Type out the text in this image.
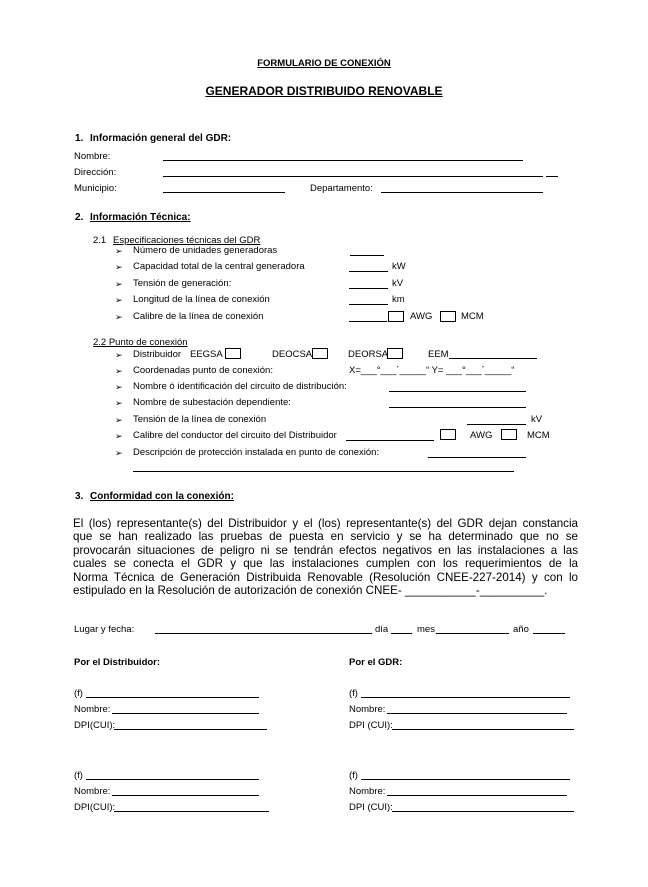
FORMULARIO DE CONEXIÓN
GENERADOR DISTRIBUIDO RENOVABLE
1. Información general del GDR:
Nombre:
Dirección:
Municipio:	Departamento:
2. Información Técnica:
2.1 Especificaciones técnicas del GDR
➢ Número de unidades generadoras
➢ Capacidad total de la central generadora	kW
➢ Tensión de generación:	kV
➢ Longitud de la línea de conexión	km
➢ Calibre de la línea de conexión	AWG	MCM
2.2 Punto de conexión
➢ Distribuidor EEGSA	DEOCSA	DEORSA	EEM
➢ Coordenadas punto de conexión:	X=___°___´_____“ Y= ___°___´_____“
➢ Nombre ó identificación del circuito de distribución:
➢ Nombre de subestación dependiente:
➢ Tensión de la línea de conexión	kV
➢ Calibre del conductor del circuito del Distribuidor	AWG	MCM
➢ Descripción de protección instalada en punto de conexión:
3. Conformidad con la conexión:
El (los) representante(s) del Distribuidor y el (los) representante(s) del GDR dejan constancia
que se han realizado las pruebas de puesta en servicio y se ha determinado que no se
provocarán situaciones de peligro ni se tendrán efectos negativos en las instalaciones a las
cuales se conecta el GDR y que las instalaciones cumplen con los requerimientos de la
Norma Técnica de Generación Distribuida Renovable (Resolución CNEE-227-2014) y con lo
estipulado en la Resolución de autorización de conexión CNEE- ___________-__________.
Lugar y fecha:	día	mes	año
Por el Distribuidor:	Por el GDR:
(f)
Nombre:
DPI(CUI):
(f)
Nombre:
DPI (CUI):
(f)
Nombre:
DPI(CUI):
(f)
Nombre:
DPI (CUI):
